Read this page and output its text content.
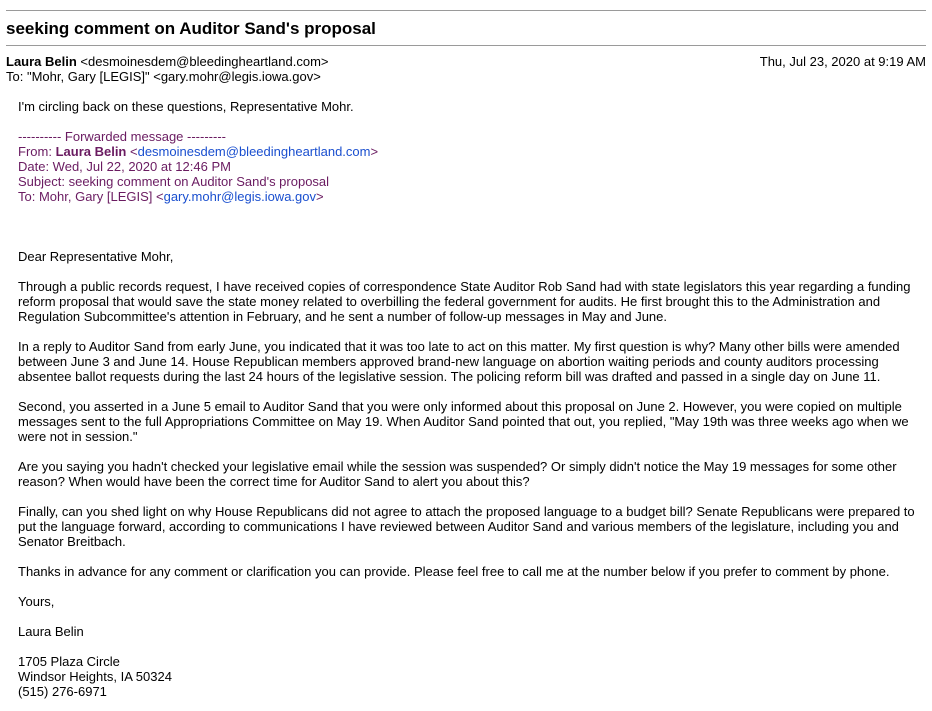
seeking comment on Auditor Sand's proposal
Laura Belin <desmoinesdem@bleedingheartland.com>	Thu, Jul 23, 2020 at 9:19 AM
To: "Mohr, Gary [LEGIS]" <gary.mohr@legis.iowa.gov>

I'm circling back on these questions, Representative Mohr.

---------- Forwarded message ---------
From: Laura Belin <desmoinesdem@bleedingheartland.com>
Date: Wed, Jul 22, 2020 at 12:46 PM
Subject: seeking comment on Auditor Sand's proposal
To: Mohr, Gary [LEGIS] <gary.mohr@legis.iowa.gov>

Dear Representative Mohr,

Through a public records request, I have received copies of correspondence State Auditor Rob Sand had with state legislators this year regarding a funding reform proposal that would save the state money related to overbilling the federal government for audits. He first brought this to the Administration and Regulation Subcommittee's attention in February, and he sent a number of follow-up messages in May and June.

In a reply to Auditor Sand from early June, you indicated that it was too late to act on this matter. My first question is why? Many other bills were amended between June 3 and June 14. House Republican members approved brand-new language on abortion waiting periods and county auditors processing absentee ballot requests during the last 24 hours of the legislative session. The policing reform bill was drafted and passed in a single day on June 11.

Second, you asserted in a June 5 email to Auditor Sand that you were only informed about this proposal on June 2. However, you were copied on multiple messages sent to the full Appropriations Committee on May 19. When Auditor Sand pointed that out, you replied, "May 19th was three weeks ago when we were not in session."

Are you saying you hadn't checked your legislative email while the session was suspended? Or simply didn't notice the May 19 messages for some other reason? When would have been the correct time for Auditor Sand to alert you about this?

Finally, can you shed light on why House Republicans did not agree to attach the proposed language to a budget bill? Senate Republicans were prepared to put the language forward, according to communications I have reviewed between Auditor Sand and various members of the legislature, including you and Senator Breitbach.

Thanks in advance for any comment or clarification you can provide. Please feel free to call me at the number below if you prefer to comment by phone.

Yours,

Laura Belin

1705 Plaza Circle
Windsor Heights, IA 50324
(515) 276-6971
